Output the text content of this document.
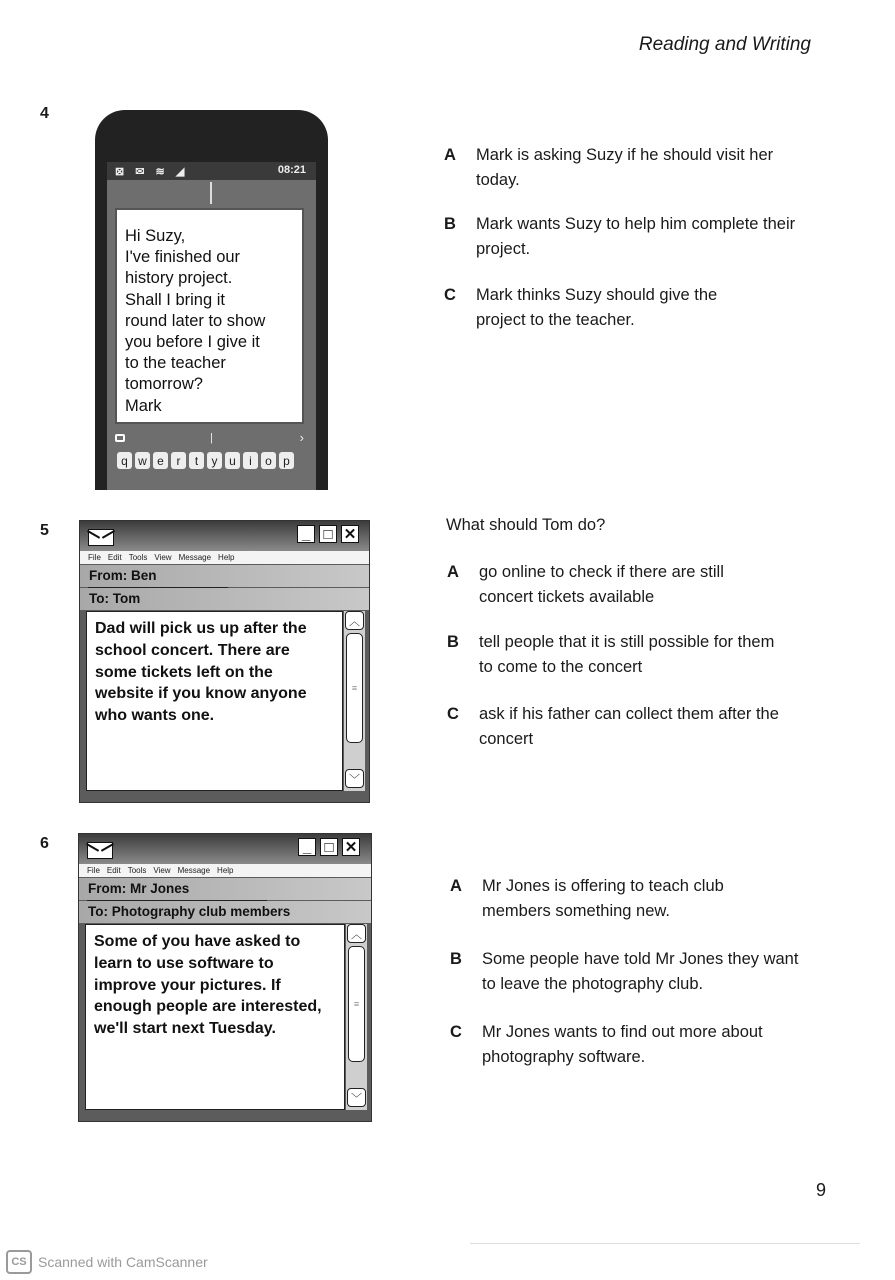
Reading and Writing
4
⊠ ✉ ≋ ◢	08:21
Hi Suzy,
I've finished our
history project.
Shall I bring it
round later to show
you before I give it
to the teacher
tomorrow?
Mark
|	›
q w e	r	t	y u	i	o p
A Mark is asking Suzy if he should visit her today.
B Mark wants Suzy to help him complete their project.
C Mark thinks Suzy should give the project to the teacher.
5	_ □ ✕
File Edit Tools View Message Help
From: Ben
To: Tom
Dad will pick us up after the
school concert. There are
some tickets left on the
website if you know anyone
who wants one.
︿
≡
﹀
What should Tom do?
A go online to check if there are still concert tickets available
B tell people that it is still possible for them to come to the concert
C ask if his father can collect them after the concert
6	_ □ ✕
File Edit Tools View Message Help
From: Mr Jones
To: Photography club members
Some of you have asked to
learn to use software to
improve your pictures. If
enough people are interested,
we'll start next Tuesday.
︿
≡
﹀
A Mr Jones is offering to teach club members something new.
B Some people have told Mr Jones they want to leave the photography club.
C Mr Jones wants to find out more about photography software.
9
CS Scanned with CamScanner
